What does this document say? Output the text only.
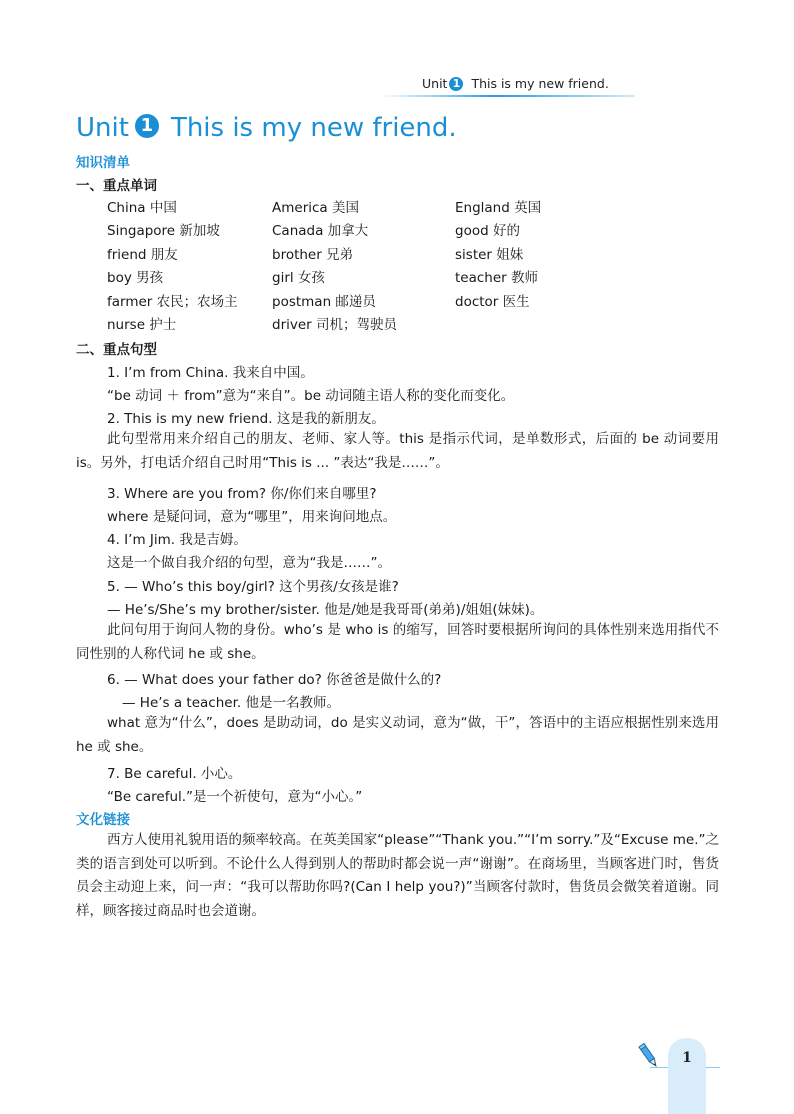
Unit 1 This is my new friend.
Unit 1 This is my new friend.
知识清单
一、重点单词
China 中国	America 美国	England 英国
Singapore 新加坡	Canada 加拿大	good 好的
friend 朋友	brother 兄弟	sister 姐妹
boy 男孩	girl 女孩	teacher 教师
farmer 农民；农场主	postman 邮递员	doctor 医生
nurse 护士	driver 司机；驾驶员
二、重点句型
1. I’m from China. 我来自中国。
“be 动词 ＋ from”意为“来自”。be 动词随主语人称的变化而变化。
2. This is my new friend. 这是我的新朋友。
此句型常用来介绍自己的朋友、老师、家人等。this 是指示代词，是单数形式，后面的 be 动词要用 is。另外，打电话介绍自己时用“This is ... ”表达“我是……”。
3. Where are you from? 你/你们来自哪里?
where 是疑问词，意为“哪里”，用来询问地点。
4. I’m Jim. 我是吉姆。
这是一个做自我介绍的句型，意为“我是……”。
5. — Who’s this boy/girl? 这个男孩/女孩是谁?
— He’s/She’s my brother/sister. 他是/她是我哥哥(弟弟)/姐姐(妹妹)。
此问句用于询问人物的身份。who’s 是 who is 的缩写，回答时要根据所询问的具体性别来选用指代不同性别的人称代词 he 或 she。
6. — What does your father do? 你爸爸是做什么的?
— He’s a teacher. 他是一名教师。
what 意为“什么”，does 是助动词，do 是实义动词，意为“做，干”，答语中的主语应根据性别来选用 he 或 she。
7. Be careful. 小心。
“Be careful.”是一个祈使句，意为“小心。”
文化链接
西方人使用礼貌用语的频率较高。在英美国家“please”“Thank you.”“I’m sorry.”及“Excuse me.”之类的语言到处可以听到。不论什么人得到别人的帮助时都会说一声“谢谢”。在商场里，当顾客进门时，售货员会主动迎上来，问一声：“我可以帮助你吗?(Can I help you?)”当顾客付款时，售货员会微笑着道谢。同样，顾客接过商品时也会道谢。
1
